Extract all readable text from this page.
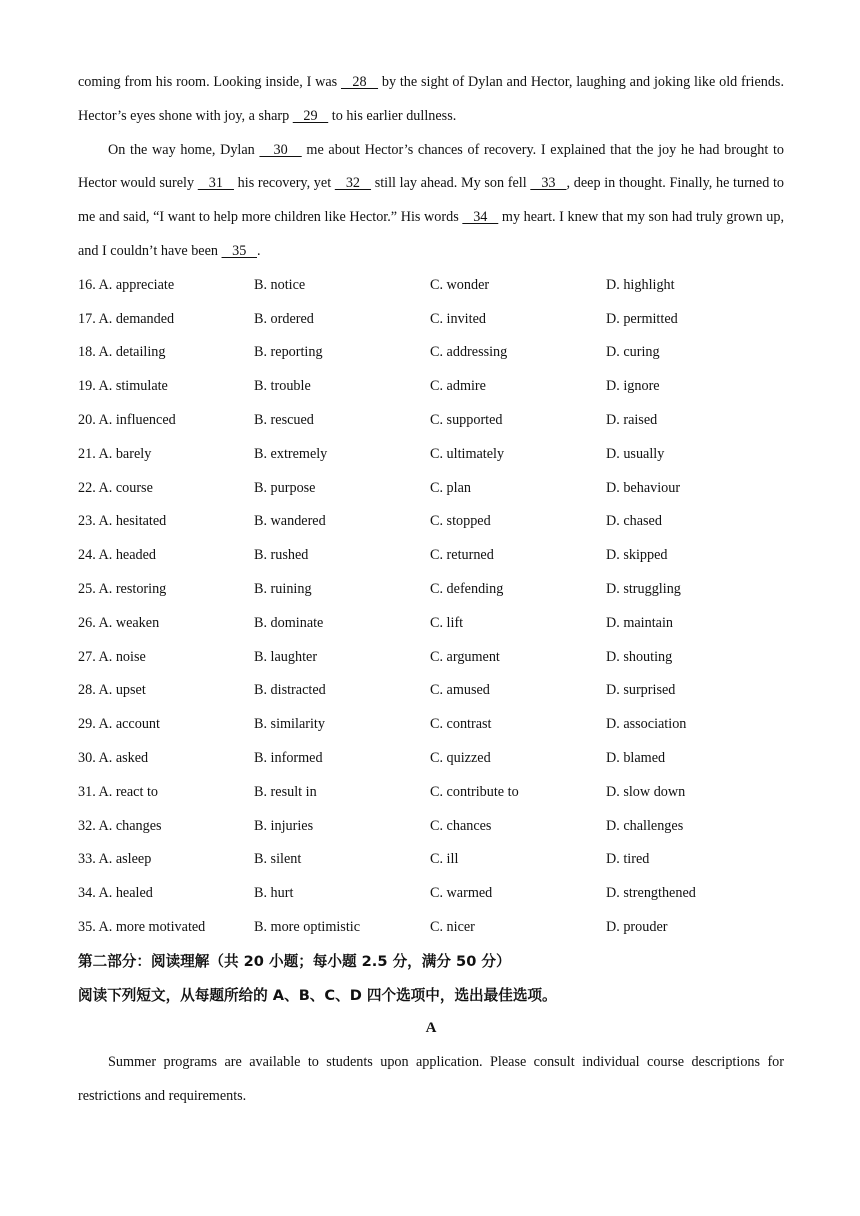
coming from his room. Looking inside, I was    28    by the sight of Dylan and Hector, laughing and joking like old friends. Hector’s eyes shone with joy, a sharp    29    to his earlier dullness.

On the way home, Dylan    30    me about Hector’s chances of recovery. I explained that the joy he had brought to Hector would surely    31    his recovery, yet    32    still lay ahead. My son fell    33   , deep in thought. Finally, he turned to me and said, “I want to help more children like Hector.” His words    34    my heart. I knew that my son had truly grown up, and I couldn’t have been    35   .

16. A. appreciate	B. notice	C. wonder	D. highlight
17. A. demanded	B. ordered	C. invited	D. permitted
18. A. detailing	B. reporting	C. addressing	D. curing
19. A. stimulate	B. trouble	C. admire	D. ignore
20. A. influenced	B. rescued	C. supported	D. raised
21. A. barely	B. extremely	C. ultimately	D. usually
22. A. course	B. purpose	C. plan	D. behaviour
23. A. hesitated	B. wandered	C. stopped	D. chased
24. A. headed	B. rushed	C. returned	D. skipped
25. A. restoring	B. ruining	C. defending	D. struggling
26. A. weaken	B. dominate	C. lift	D. maintain
27. A. noise	B. laughter	C. argument	D. shouting
28. A. upset	B. distracted	C. amused	D. surprised
29. A. account	B. similarity	C. contrast	D. association
30. A. asked	B. informed	C. quizzed	D. blamed
31. A. react to	B. result in	C. contribute to	D. slow down
32. A. changes	B. injuries	C. chances	D. challenges
33. A. asleep	B. silent	C. ill	D. tired
34. A. healed	B. hurt	C. warmed	D. strengthened
35. A. more motivated	B. more optimistic	C. nicer	D. prouder

第二部分：阅读理解（共 20 小题；每小题 2.5 分，满分 50 分）

阅读下列短文，从每题所给的 A、B、C、D 四个选项中，选出最佳选项。

A

Summer programs are available to students upon application. Please consult individual course descriptions for restrictions and requirements.
